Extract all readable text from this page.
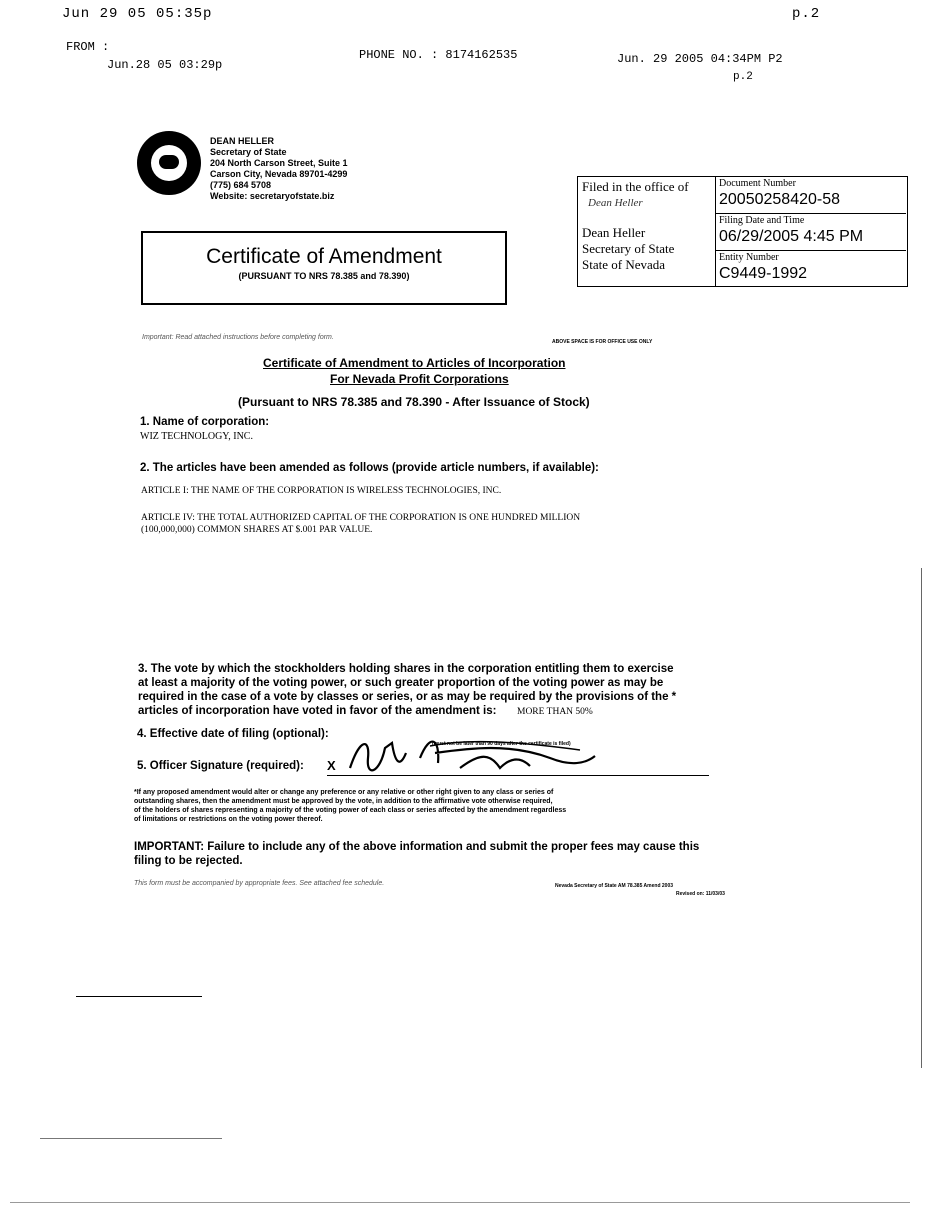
Jun 29 05 05:35p	p.2
FROM :
Jun.28 05 03:29p
PHONE NO. : 8174162535	Jun. 29 2005 04:34PM P2
p.2
DEAN HELLER
Secretary of State
204 North Carson Street, Suite 1
Carson City, Nevada 89701-4299
(775) 684 5708
Website: secretaryofstate.biz
Certificate of Amendment
(PURSUANT TO NRS 78.385 and 78.390)
Filed in the office of
Dean Heller
Dean Heller
Secretary of State
State of Nevada
Document Number
20050258420-58
Filing Date and Time
06/29/2005 4:45 PM
Entity Number
C9449-1992
Important: Read attached instructions before completing form.
ABOVE SPACE IS FOR OFFICE USE ONLY
Certificate of Amendment to Articles of Incorporation
For Nevada Profit Corporations
(Pursuant to NRS 78.385 and 78.390 - After Issuance of Stock)
1. Name of corporation:
WIZ TECHNOLOGY, INC.
2. The articles have been amended as follows (provide article numbers, if available):
ARTICLE I: THE NAME OF THE CORPORATION IS WIRELESS TECHNOLOGIES, INC.
ARTICLE IV: THE TOTAL AUTHORIZED CAPITAL OF THE CORPORATION IS ONE HUNDRED MILLION
(100,000,000) COMMON SHARES AT $.001 PAR VALUE.
3. The vote by which the stockholders holding shares in the corporation entitling them to exercise
at least a majority of the voting power, or such greater proportion of the voting power as may be
required in the case of a vote by classes or series, or as may be required by the provisions of the *
articles of incorporation have voted in favor of the amendment is: MORE THAN 50%
4. Effective date of filing (optional):
(must not be later than 90 days after the certificate is filed)
5. Officer Signature (required): X
*If any proposed amendment would alter or change any preference or any relative or other right given to any class or series of
outstanding shares, then the amendment must be approved by the vote, in addition to the affirmative vote otherwise required,
of the holders of shares representing a majority of the voting power of each class or series affected by the amendment regardless
of limitations or restrictions on the voting power thereof.
IMPORTANT: Failure to include any of the above information and submit the proper fees may cause this
filing to be rejected.
This form must be accompanied by appropriate fees. See attached fee schedule.	Nevada Secretary of State AM 78.385 Amend 2003
Revised on: 11/03/03
